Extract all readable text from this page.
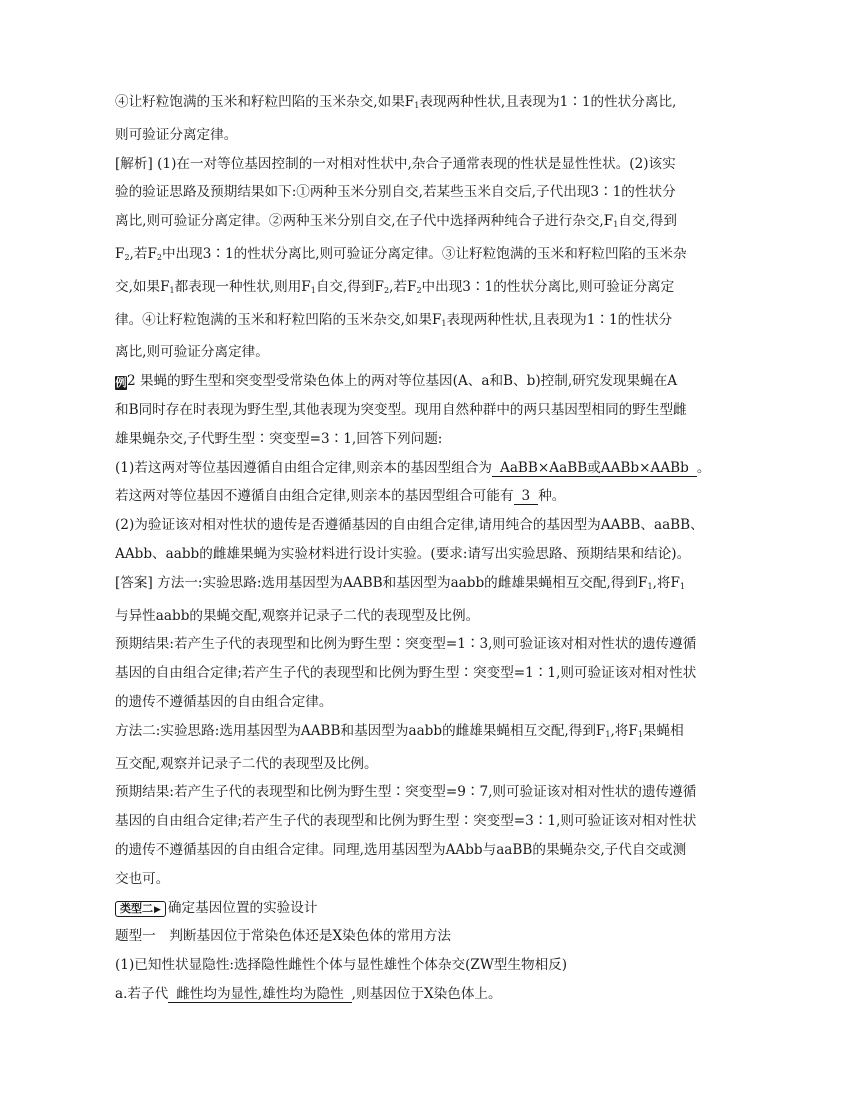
④让籽粒饱满的玉米和籽粒凹陷的玉米杂交,如果$F_1$表现两种性状,且表现为1∶1的性状分离比,

则可验证分离定律。

[解析] (1)在一对等位基因控制的一对相对性状中,杂合子通常表现的性状是显性性状。(2)该实

验的验证思路及预期结果如下:①两种玉米分别自交,若某些玉米自交后,子代出现3∶1的性状分

离比,则可验证分离定律。②两种玉米分别自交,在子代中选择两种纯合子进行杂交$,F_1$自交,得到

$F_2$,若$F_2$中出现3∶1的性状分离比,则可验证分离定律。③让籽粒饱满的玉米和籽粒凹陷的玉米杂

交,如果$F_1$都表现一种性状,则用$F_1$自交,得到$F_2$,若$F_2$中出现3∶1的性状分离比,则可验证分离定

律。④让籽粒饱满的玉米和籽粒凹陷的玉米杂交,如果$F_1$表现两种性状,且表现为1∶1的性状分

离比,则可验证分离定律。

例2 果蝇的野生型和突变型受常染色体上的两对等位基因(A、a和B、b)控制,研究发现果蝇在A

和B同时存在时表现为野生型,其他表现为突变型。现用自然种群中的两只基因型相同的野生型雌

雄果蝇杂交,子代野生型∶突变型=3∶1,回答下列问题:

(1)若这两对等位基因遵循自由组合定律,则亲本的基因型组合为 AaBB×AaBB或AABb×AABb 。

若这两对等位基因不遵循自由组合定律,则亲本的基因型组合可能有 3 种。

(2)为验证该对相对性状的遗传是否遵循基因的自由组合定律,请用纯合的基因型为AABB、aaBB、

AAbb、aabb的雌雄果蝇为实验材料进行设计实验。(要求:请写出实验思路、预期结果和结论)。

[答案] 方法一:实验思路:选用基因型为AABB和基因型为aabb的雌雄果蝇相互交配,得到$F_1$,将$F_1$

与异性aabb的果蝇交配,观察并记录子二代的表现型及比例。

预期结果:若产生子代的表现型和比例为野生型∶突变型=1∶3,则可验证该对相对性状的遗传遵循

基因的自由组合定律;若产生子代的表现型和比例为野生型∶突变型=1∶1,则可验证该对相对性状

的遗传不遵循基因的自由组合定律。

方法二:实验思路:选用基因型为AABB和基因型为aabb的雌雄果蝇相互交配,得到$F_1$,将$F_1$果蝇相

互交配,观察并记录子二代的表现型及比例。

预期结果:若产生子代的表现型和比例为野生型∶突变型=9∶7,则可验证该对相对性状的遗传遵循

基因的自由组合定律;若产生子代的表现型和比例为野生型∶突变型=3∶1,则可验证该对相对性状

的遗传不遵循基因的自由组合定律。同理,选用基因型为AAbb与aaBB的果蝇杂交,子代自交或测

交也可。

类型二▶ 确定基因位置的实验设计

题型一　判断基因位于常染色体还是X染色体的常用方法

(1)已知性状显隐性:选择隐性雌性个体与显性雄性个体杂交(ZW型生物相反)

a.若子代 雌性均为显性,雄性均为隐性 ,则基因位于X染色体上。
